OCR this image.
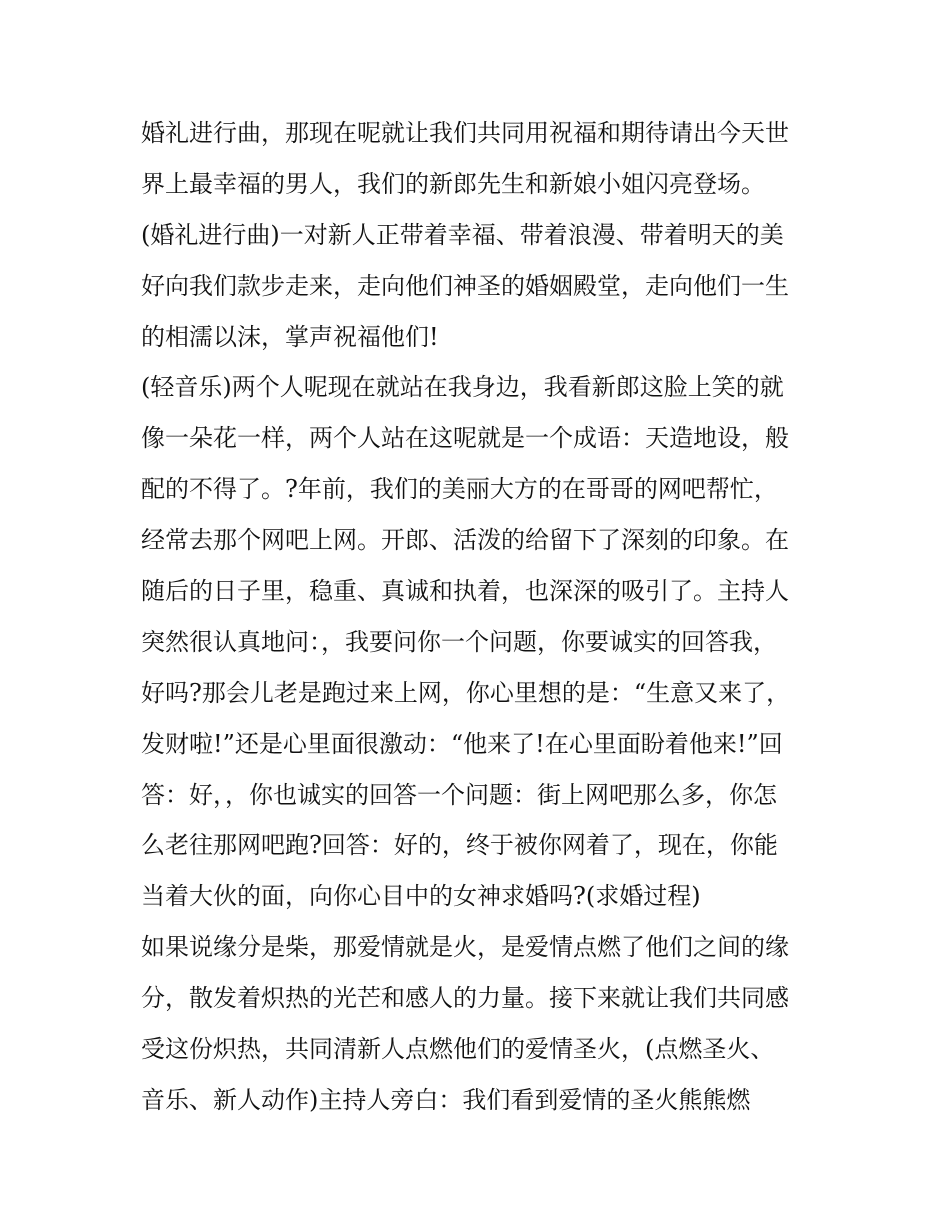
婚礼进行曲，那现在呢就让我们共同用祝福和期待请出今天世
界上最幸福的男人，我们的新郎先生和新娘小姐闪亮登场。
(婚礼进行曲)一对新人正带着幸福、带着浪漫、带着明天的美
好向我们款步走来，走向他们神圣的婚姻殿堂，走向他们一生
的相濡以沫，掌声祝福他们!
(轻音乐)两个人呢现在就站在我身边，我看新郎这脸上笑的就
像一朵花一样，两个人站在这呢就是一个成语：天造地设，般
配的不得了。?年前，我们的美丽大方的在哥哥的网吧帮忙，
经常去那个网吧上网。开郎、活泼的给留下了深刻的印象。在
随后的日子里，稳重、真诚和执着，也深深的吸引了。主持人
突然很认真地问：，我要问你一个问题，你要诚实的回答我，
好吗?那会儿老是跑过来上网，你心里想的是：“生意又来了，
发财啦!”还是心里面很激动：“他来了!在心里面盼着他来!”回
答：好，，你也诚实的回答一个问题：街上网吧那么多，你怎
么老往那网吧跑?回答：好的，终于被你网着了，现在，你能
当着大伙的面，向你心目中的女神求婚吗?(求婚过程)
如果说缘分是柴，那爱情就是火，是爱情点燃了他们之间的缘
分，散发着炽热的光芒和感人的力量。接下来就让我们共同感
受这份炽热，共同清新人点燃他们的爱情圣火，(点燃圣火、
音乐、新人动作)主持人旁白：我们看到爱情的圣火熊熊燃
